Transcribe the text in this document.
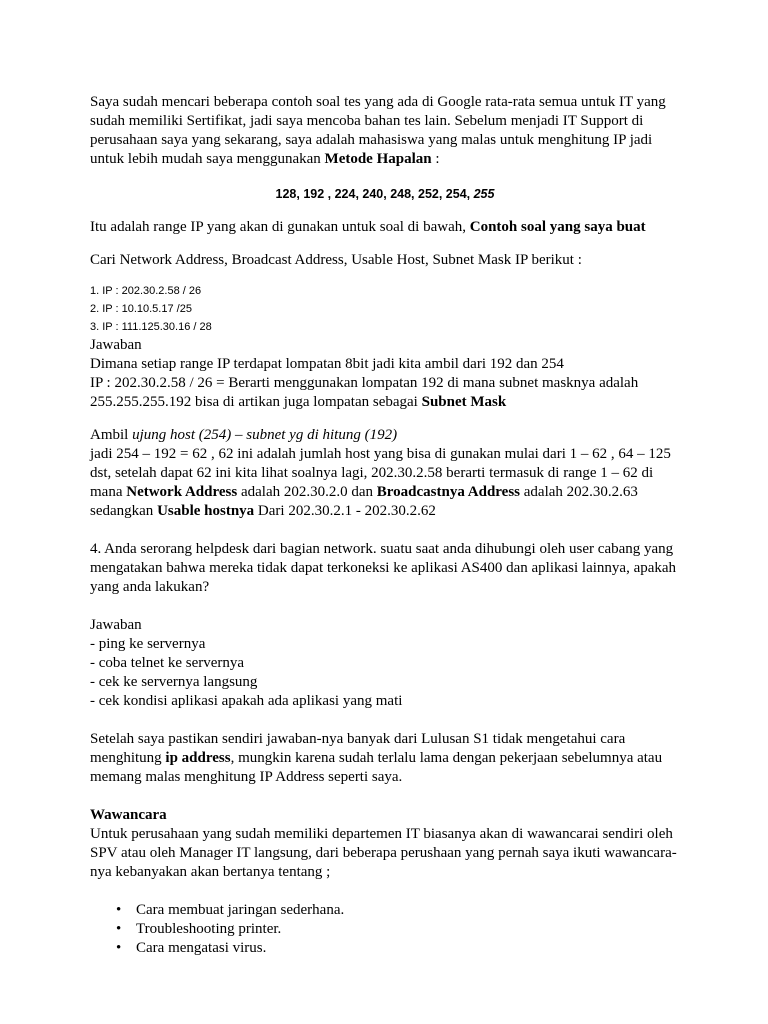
Saya sudah mencari beberapa contoh soal tes yang ada di Google rata-rata semua untuk IT yang sudah memiliki Sertifikat, jadi saya mencoba bahan tes lain. Sebelum menjadi IT Support di perusahaan saya yang sekarang, saya adalah mahasiswa yang malas untuk menghitung IP jadi untuk lebih mudah saya menggunakan Metode Hapalan :

128, 192 , 224, 240, 248, 252, 254, 255

Itu adalah range IP yang akan di gunakan untuk soal di bawah, Contoh soal yang saya buat

Cari Network Address, Broadcast Address, Usable Host, Subnet Mask IP berikut :

1. IP : 202.30.2.58 / 26
2. IP : 10.10.5.17 /25
3. IP : 111.125.30.16 / 28

Jawaban

Dimana setiap range IP terdapat lompatan 8bit jadi kita ambil dari 192 dan 254

IP : 202.30.2.58 / 26 = Berarti menggunakan lompatan 192 di mana subnet masknya adalah 255.255.255.192 bisa di artikan juga lompatan sebagai Subnet Mask

Ambil ujung host (254) – subnet yg di hitung (192)

jadi 254 – 192 = 62 , 62 ini adalah jumlah host yang bisa di gunakan mulai dari 1 – 62 , 64 – 125 dst, setelah dapat 62 ini kita lihat soalnya lagi, 202.30.2.58 berarti termasuk di range 1 – 62 di mana Network Address adalah 202.30.2.0 dan Broadcastnya Address adalah 202.30.2.63 sedangkan Usable hostnya Dari 202.30.2.1 - 202.30.2.62

4. Anda serorang helpdesk dari bagian network. suatu saat anda dihubungi oleh user cabang yang mengatakan bahwa mereka tidak dapat terkoneksi ke aplikasi AS400 dan aplikasi lainnya, apakah yang anda lakukan?

Jawaban

- ping ke servernya
- coba telnet ke servernya
- cek ke servernya langsung
- cek kondisi aplikasi apakah ada aplikasi yang mati

Setelah saya pastikan sendiri jawaban-nya banyak dari Lulusan S1 tidak mengetahui cara menghitung ip address, mungkin karena sudah terlalu lama dengan pekerjaan sebelumnya atau memang malas menghitung IP Address seperti saya.

Wawancara

Untuk perusahaan yang sudah memiliki departemen IT biasanya akan di wawancarai sendiri oleh SPV atau oleh Manager IT langsung, dari beberapa perushaan yang pernah saya ikuti wawancara-nya kebanyakan akan bertanya tentang ;

• Cara membuat jaringan sederhana.
• Troubleshooting printer.
• Cara mengatasi virus.
